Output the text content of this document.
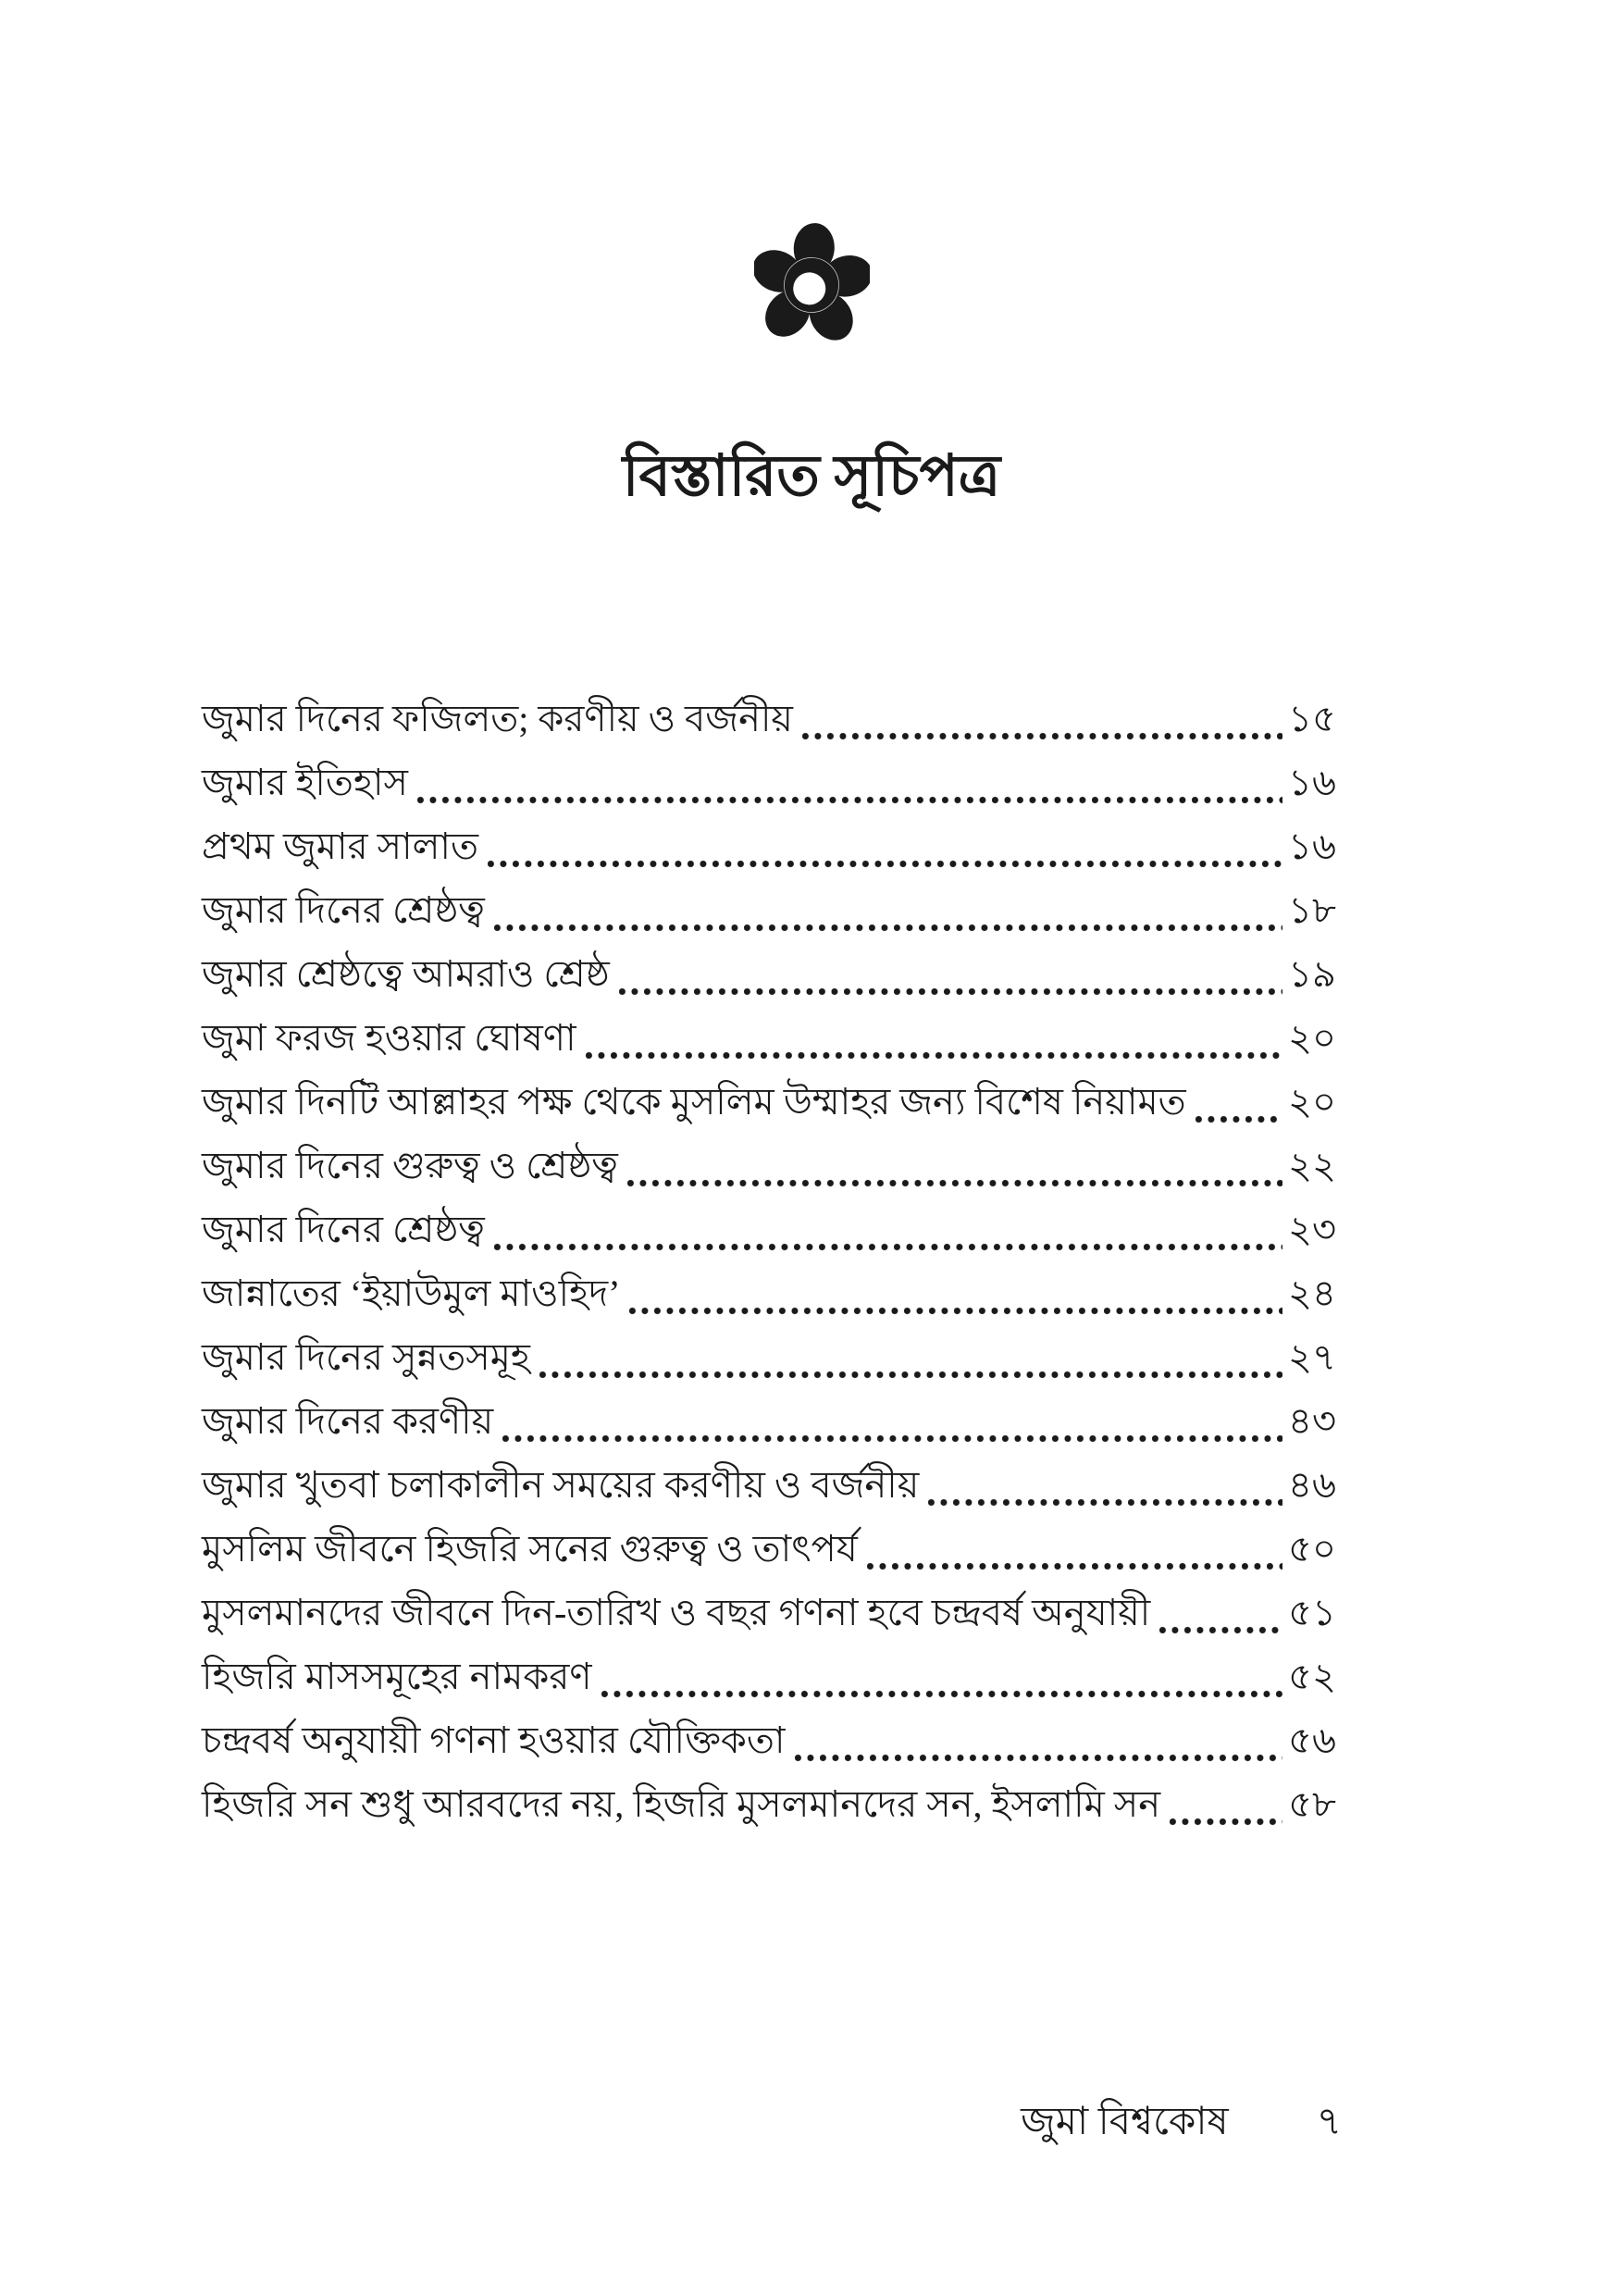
বিস্তারিত সূচিপত্র
জুমার দিনের ফজিলত; করণীয় ও বর্জনীয়	১৫
জুমার ইতিহাস	১৬
প্রথম জুমার সালাত	১৬
জুমার দিনের শ্রেষ্ঠত্ব	১৮
জুমার শ্রেষ্ঠত্বে আমরাও শ্রেষ্ঠ	১৯
জুমা ফরজ হওয়ার ঘোষণা	২০
জুমার দিনটি আল্লাহর পক্ষ থেকে মুসলিম উম্মাহর জন্য বিশেষ নিয়ামত	২০
জুমার দিনের গুরুত্ব ও শ্রেষ্ঠত্ব	২২
জুমার দিনের শ্রেষ্ঠত্ব	২৩
জান্নাতের ‘ইয়াউমুল মাওহিদ’	২৪
জুমার দিনের সুন্নতসমূহ	২৭
জুমার দিনের করণীয়	৪৩
জুমার খুতবা চলাকালীন সময়ের করণীয় ও বর্জনীয়	৪৬
মুসলিম জীবনে হিজরি সনের গুরুত্ব ও তাৎপর্য	৫০
মুসলমানদের জীবনে দিন-তারিখ ও বছর গণনা হবে চন্দ্রবর্ষ অনুযায়ী	৫১
হিজরি মাসসমূহের নামকরণ	৫২
চন্দ্রবর্ষ অনুযায়ী গণনা হওয়ার যৌক্তিকতা	৫৬
হিজরি সন শুধু আরবদের নয়, হিজরি মুসলমানদের সন, ইসলামি সন	৫৮
জুমা বিশ্বকোষ ৭
